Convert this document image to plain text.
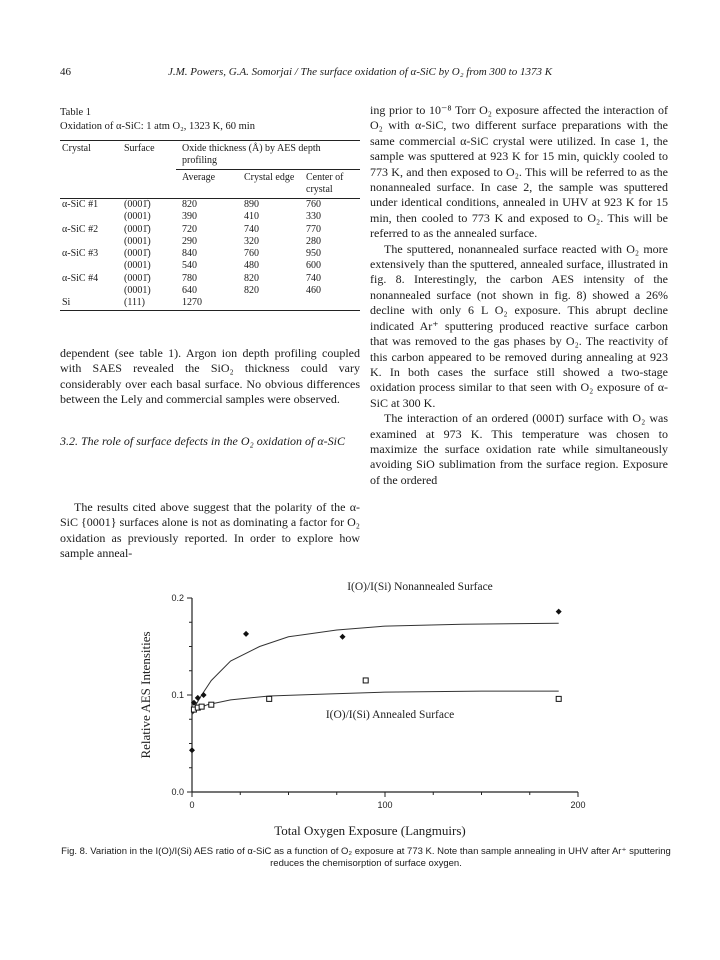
46	J.M. Powers, G.A. Somorjai / The surface oxidation of α-SiC by O₂ from 300 to 1373 K
Table 1
Oxidation of α-SiC: 1 atm O₂, 1323 K, 60 min
Crystal	Surface	Oxide thickness (Å) by AES depth profiling		
		Average	Crystal edge	Center of crystal
α-SiC #1	(0001̄)	820	890	760
	(0001)	390	410	330
α-SiC #2	(0001̄)	720	740	770
	(0001)	290	320	280
α-SiC #3	(0001̄)	840	760	950
	(0001)	540	480	600
α-SiC #4	(0001̄)	780	820	740
	(0001)	640	820	460
Si	(111)	1270		

dependent (see table 1). Argon ion depth profiling coupled with SAES revealed the SiO₂ thickness could vary considerably over each basal surface. No obvious differences between the Lely and commercial samples were observed.

3.2. The role of surface defects in the O₂ oxidation of α-SiC

The results cited above suggest that the polarity of the α-SiC {0001} surfaces alone is not as dominating a factor for O₂ oxidation as previously reported. In order to explore how sample anneal-

ing prior to 10⁻⁸ Torr O₂ exposure affected the interaction of O₂ with α-SiC, two different surface preparations with the same commercial α-SiC crystal were utilized. In case 1, the sample was sputtered at 923 K for 15 min, quickly cooled to 773 K, and then exposed to O₂. This will be referred to as the nonannealed surface. In case 2, the sample was sputtered under identical conditions, annealed in UHV at 923 K for 15 min, then cooled to 773 K and exposed to O₂. This will be referred to as the annealed surface.

The sputtered, nonannealed surface reacted with O₂ more extensively than the sputtered, annealed surface, illustrated in fig. 8. Interestingly, the carbon AES intensity of the nonannealed surface (not shown in fig. 8) showed a 26% decline with only 6 L O₂ exposure. This abrupt decline indicated Ar⁺ sputtering produced reactive surface carbon that was removed to the gas phases by O₂. The reactivity of this carbon appeared to be removed during annealing at 923 K. In both cases the surface still showed a two-stage oxidation process similar to that seen with O₂ exposure of α-SiC at 300 K.

The interaction of an ordered (0001̄) surface with O₂ was examined at 973 K. This temperature was chosen to maximize the surface oxidation rate while simultaneously avoiding SiO sublimation from the surface region. Exposure of the ordered

0.0
0.1
0.2
0	100	200
Relative AES Intensities
I(O)/I(Si) Nonannealed Surface
I(O)/I(Si) Annealed Surface
Total Oxygen Exposure (Langmuirs)
Fig. 8. Variation in the I(O)/I(Si) AES ratio of α-SiC as a function of O₂ exposure at 773 K. Note than sample annealing in UHV after Ar⁺ sputtering reduces the chemisorption of surface oxygen.
